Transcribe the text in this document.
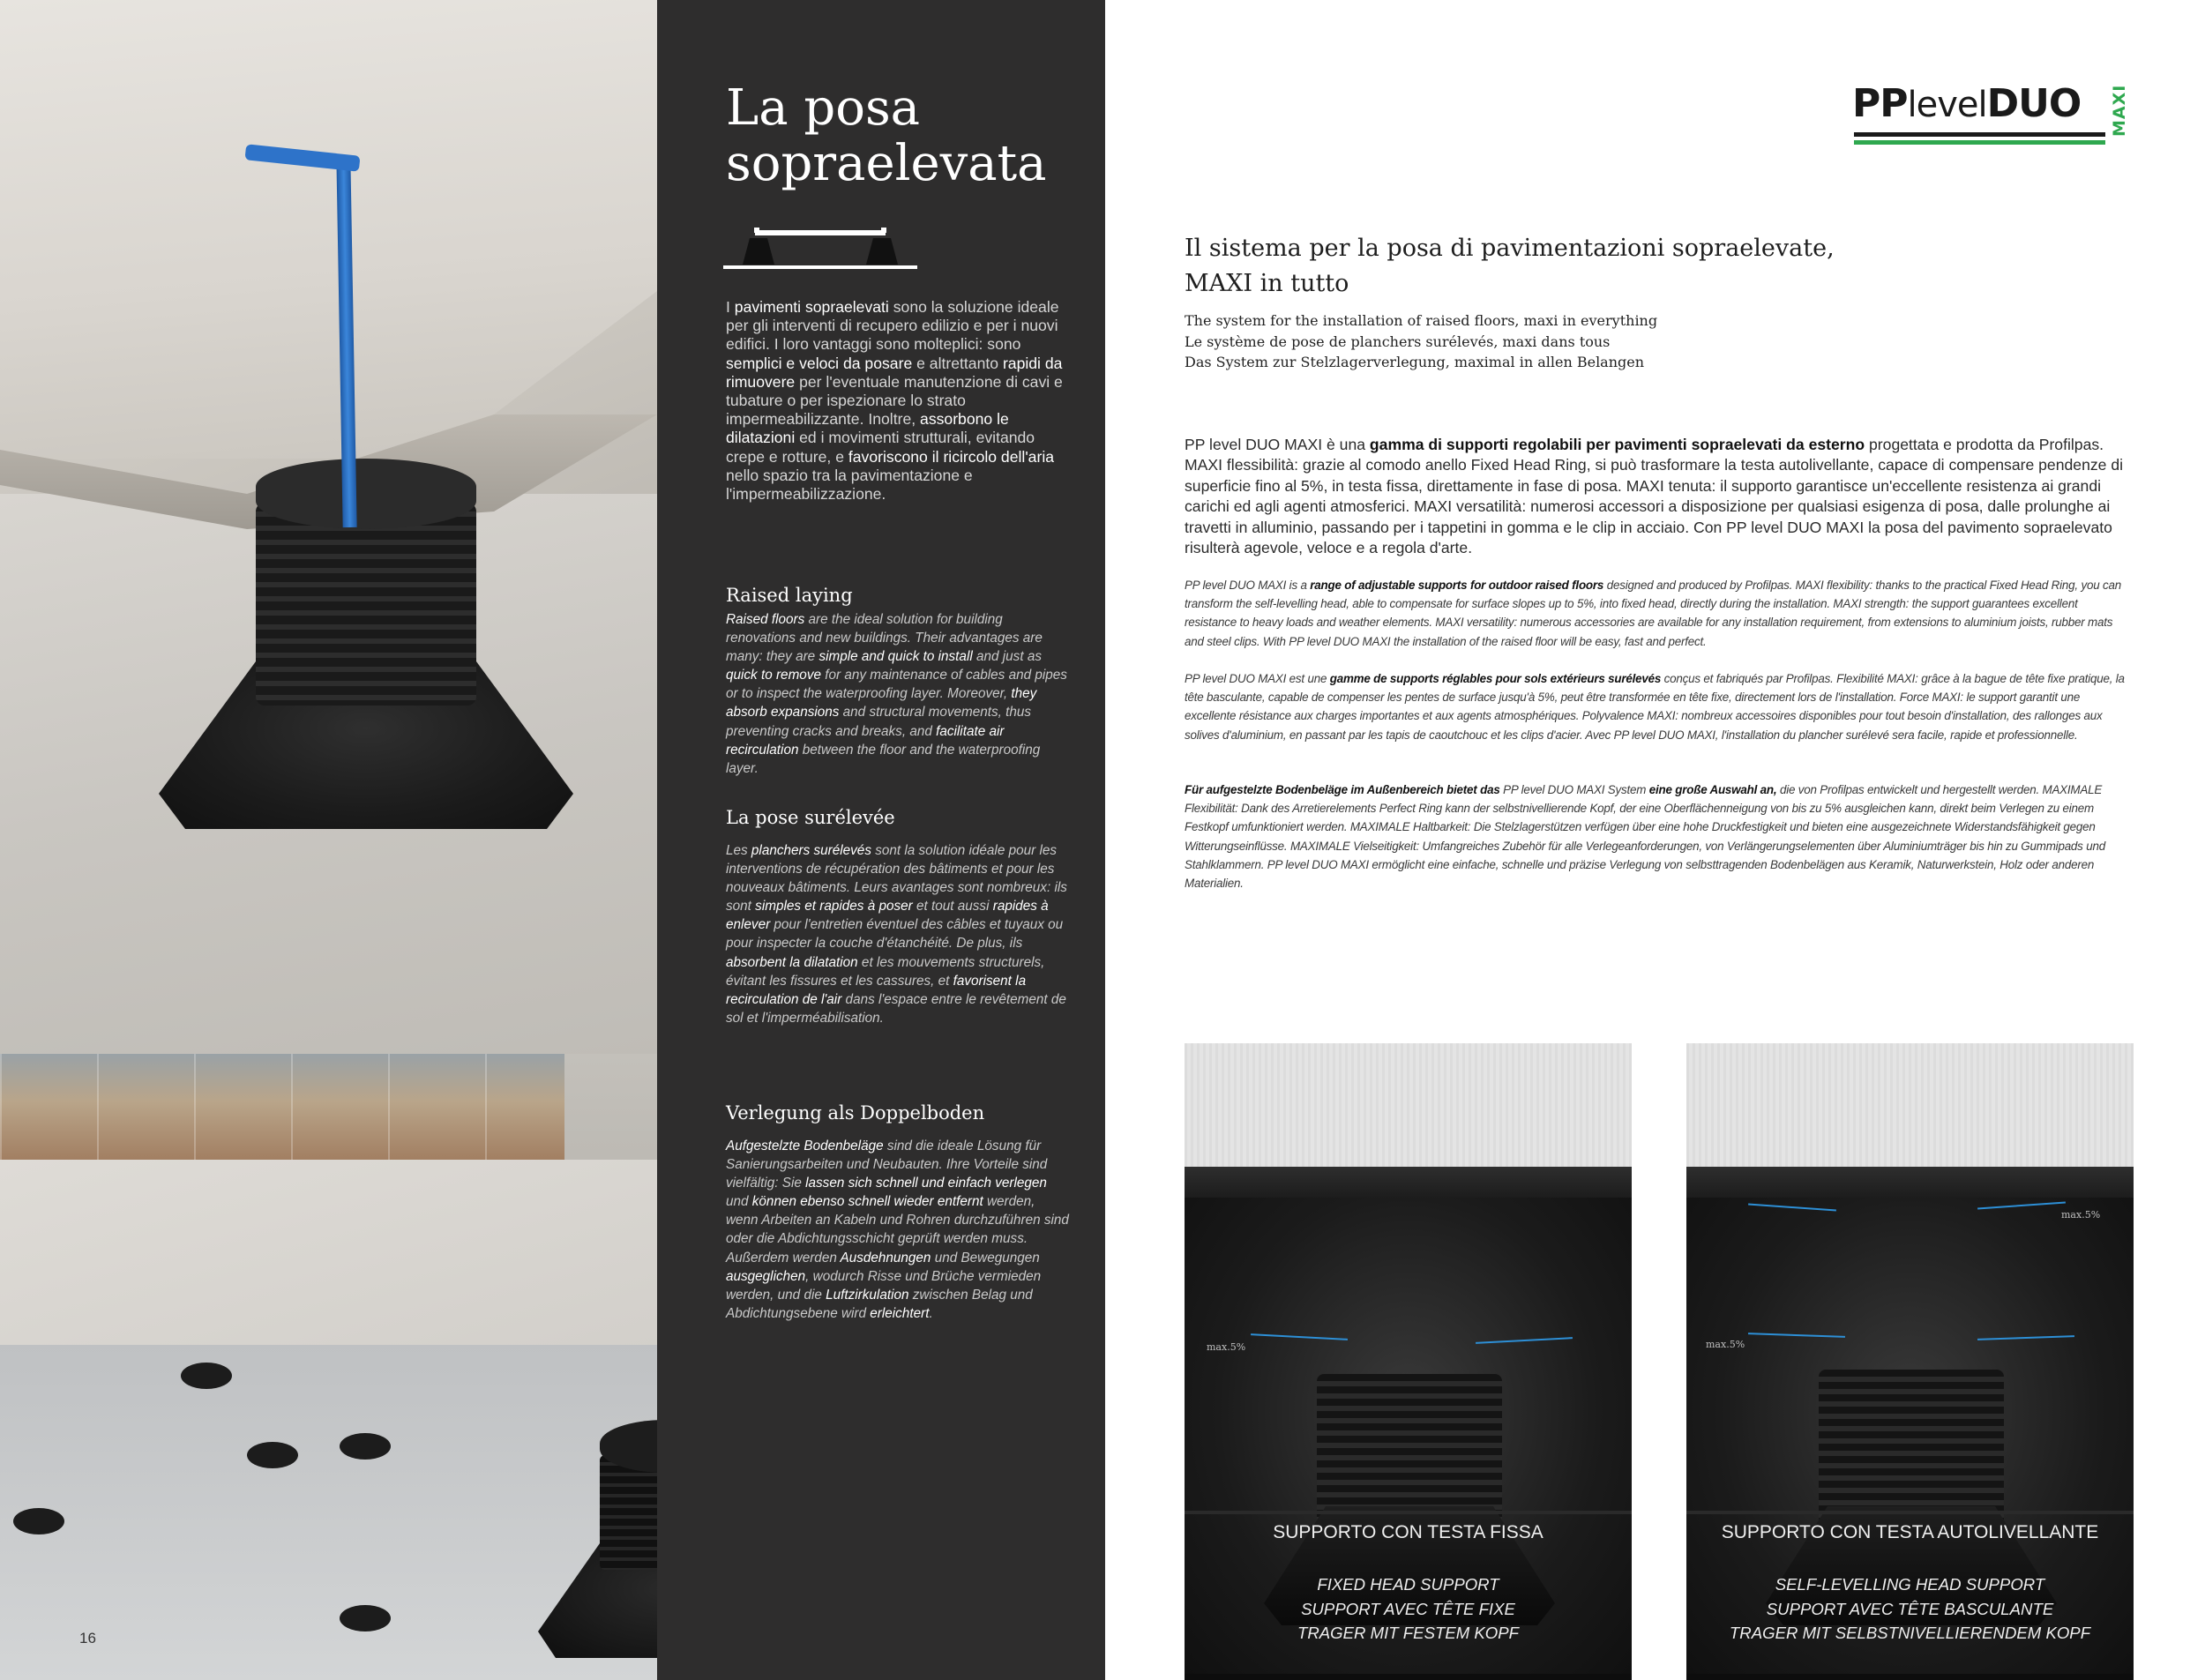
16
La posa
sopraelevata
I pavimenti sopraelevati sono la soluzione ideale per gli interventi di recupero edilizio e per i nuovi edifici. I loro vantaggi sono molteplici: sono semplici e veloci da posare e altrettanto rapidi da rimuovere per l'eventuale manutenzione di cavi e tubature o per ispezionare lo strato impermeabilizzante. Inoltre, assorbono le dilatazioni ed i movimenti strutturali, evitando crepe e rotture, e favoriscono il ricircolo dell'aria nello spazio tra la pavimentazione e l'impermeabilizzazione.
Raised laying
Raised floors are the ideal solution for building renovations and new buildings. Their advantages are many: they are simple and quick to install and just as quick to remove for any maintenance of cables and pipes or to inspect the waterproofing layer. Moreover, they absorb expansions and structural movements, thus preventing cracks and breaks, and facilitate air recirculation between the floor and the waterproofing layer.
La pose surélevée
Les planchers surélevés sont la solution idéale pour les interventions de récupération des bâtiments et pour les nouveaux bâtiments. Leurs avantages sont nombreux: ils sont simples et rapides à poser et tout aussi rapides à enlever pour l'entretien éventuel des câbles et tuyaux ou pour inspecter la couche d'étanchéité. De plus, ils absorbent la dilatation et les mouvements structurels, évitant les fissures et les cassures, et favorisent la recirculation de l'air dans l'espace entre le revêtement de sol et l'imperméabilisation.
Verlegung als Doppelboden
Aufgestelzte Bodenbeläge sind die ideale Lösung für Sanierungsarbeiten und Neubauten. Ihre Vorteile sind vielfältig: Sie lassen sich schnell und einfach verlegen und können ebenso schnell wieder entfernt werden, wenn Arbeiten an Kabeln und Rohren durchzuführen sind oder die Abdichtungsschicht geprüft werden muss. Außerdem werden Ausdehnungen und Bewegungen ausgeglichen, wodurch Risse und Brüche vermieden werden, und die Luftzirkulation zwischen Belag und Abdichtungsebene wird erleichtert.
PPlevelDUO MAXI
Il sistema per la posa di pavimentazioni sopraelevate,
MAXI in tutto
The system for the installation of raised floors, maxi in everything
Le système de pose de planchers surélevés, maxi dans tous
Das System zur Stelzlagerverlegung, maximal in allen Belangen
PP level DUO MAXI è una gamma di supporti regolabili per pavimenti sopraelevati da esterno progettata e prodotta da Profilpas. MAXI flessibilità: grazie al comodo anello Fixed Head Ring, si può trasformare la testa autolivellante, capace di compensare pendenze di superficie fino al 5%, in testa fissa, direttamente in fase di posa. MAXI tenuta: il supporto garantisce un'eccellente resistenza ai grandi carichi ed agli agenti atmosferici. MAXI versatilità: numerosi accessori a disposizione per qualsiasi esigenza di posa, dalle prolunghe ai travetti in alluminio, passando per i tappetini in gomma e le clip in acciaio. Con PP level DUO MAXI la posa del pavimento sopraelevato risulterà agevole, veloce e a regola d'arte.
PP level DUO MAXI is a range of adjustable supports for outdoor raised floors designed and produced by Profilpas. MAXI flexibility: thanks to the practical Fixed Head Ring, you can transform the self-levelling head, able to compensate for surface slopes up to 5%, into fixed head, directly during the installation. MAXI strength: the support guarantees excellent resistance to heavy loads and weather elements. MAXI versatility: numerous accessories are available for any installation requirement, from extensions to aluminium joists, rubber mats and steel clips. With PP level DUO MAXI the installation of the raised floor will be easy, fast and perfect.
PP level DUO MAXI est une gamme de supports réglables pour sols extérieurs surélevés conçus et fabriqués par Profilpas. Flexibilité MAXI: grâce à la bague de tête fixe pratique, la tête basculante, capable de compenser les pentes de surface jusqu'à 5%, peut être transformée en tête fixe, directement lors de l'installation. Force MAXI: le support garantit une excellente résistance aux charges importantes et aux agents atmosphériques. Polyvalence MAXI: nombreux accessoires disponibles pour tout besoin d'installation, des rallonges aux solives d'aluminium, en passant par les tapis de caoutchouc et les clips d'acier. Avec PP level DUO MAXI, l'installation du plancher surélevé sera facile, rapide et professionnelle.
Für aufgestelzte Bodenbeläge im Außenbereich bietet das PP level DUO MAXI System eine große Auswahl an, die von Profilpas entwickelt und hergestellt werden. MAXIMALE Flexibilität: Dank des Arretierelements Perfect Ring kann der selbstnivellierende Kopf, der eine Oberflächenneigung von bis zu 5% ausgleichen kann, direkt beim Verlegen zu einem Festkopf umfunktioniert werden. MAXIMALE Haltbarkeit: Die Stelzlagerstützen verfügen über eine hohe Druckfestigkeit und bieten eine ausgezeichnete Widerstandsfähigkeit gegen Witterungseinflüsse. MAXIMALE Vielseitigkeit: Umfangreiches Zubehör für alle Verlegeanforderungen, von Verlängerungselementen über Aluminiumträger bis hin zu Gummipads und Stahlklammern. PP level DUO MAXI ermöglicht eine einfache, schnelle und präzise Verlegung von selbsttragenden Bodenbelägen aus Keramik, Naturwerkstein, Holz oder anderen Materialien.
max.5%
SUPPORTO CON TESTA FISSA
FIXED HEAD SUPPORT
SUPPORT AVEC TÊTE FIXE
TRAGER MIT FESTEM KOPF
max.5%
max.5%
SUPPORTO CON TESTA AUTOLIVELLANTE
SELF-LEVELLING HEAD SUPPORT
SUPPORT AVEC TÊTE BASCULANTE
TRAGER MIT SELBSTNIVELLIERENDEM KOPF
